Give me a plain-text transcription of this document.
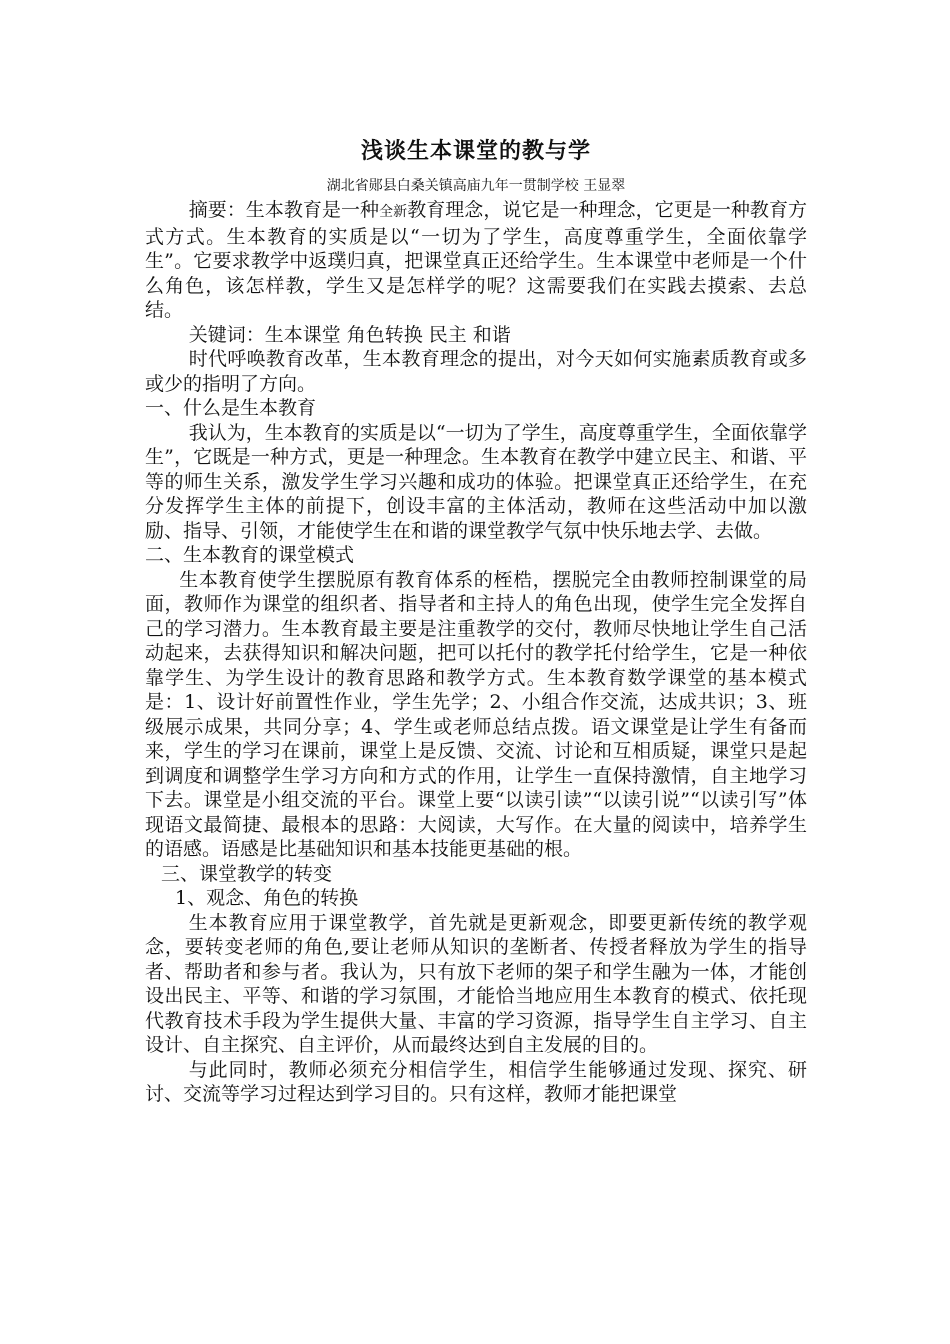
浅谈生本课堂的教与学
湖北省郧县白桑关镇高庙九年一贯制学校 王显翠

摘要：生本教育是一种全新教育理念，说它是一种理念，它更是一种教育方式方式。生本教育的实质是以“一切为了学生，高度尊重学生，全面依靠学生”。它要求教学中返璞归真，把课堂真正还给学生。生本课堂中老师是一个什么角色，该怎样教，学生又是怎样学的呢？这需要我们在实践去摸索、去总结。

关键词：生本课堂 角色转换 民主 和谐

时代呼唤教育改革，生本教育理念的提出，对今天如何实施素质教育或多或少的指明了方向。

一、什么是生本教育

我认为，生本教育的实质是以“一切为了学生，高度尊重学生，全面依靠学生”，它既是一种方式，更是一种理念。生本教育在教学中建立民主、和谐、平等的师生关系，激发学生学习兴趣和成功的体验。把课堂真正还给学生，在充分发挥学生主体的前提下，创设丰富的主体活动，教师在这些活动中加以激励、指导、引领，才能使学生在和谐的课堂教学气氛中快乐地去学、去做。

二、生本教育的课堂模式

生本教育使学生摆脱原有教育体系的桎梏，摆脱完全由教师控制课堂的局面，教师作为课堂的组织者、指导者和主持人的角色出现，使学生完全发挥自己的学习潜力。生本教育最主要是注重教学的交付，教师尽快地让学生自己活动起来，去获得知识和解决问题，把可以托付的教学托付给学生，它是一种依靠学生、为学生设计的教育思路和教学方式。生本教育数学课堂的基本模式是：1、设计好前置性作业，学生先学；2、小组合作交流，达成共识；3、班级展示成果，共同分享；4、学生或老师总结点拨。语文课堂是让学生有备而来，学生的学习在课前，课堂上是反馈、交流、讨论和互相质疑，课堂只是起到调度和调整学生学习方向和方式的作用，让学生一直保持激情，自主地学习下去。课堂是小组交流的平台。课堂上要“以读引读”“以读引说”“以读引写”体现语文最简捷、最根本的思路：大阅读，大写作。在大量的阅读中，培养学生的语感。语感是比基础知识和基本技能更基础的根。

三、课堂教学的转变

1、观念、角色的转换

生本教育应用于课堂教学，首先就是更新观念，即要更新传统的教学观念，要转变老师的角色,要让老师从知识的垄断者、传授者释放为学生的指导者、帮助者和参与者。我认为，只有放下老师的架子和学生融为一体，才能创设出民主、平等、和谐的学习氛围，才能恰当地应用生本教育的模式、依托现代教育技术手段为学生提供大量、丰富的学习资源，指导学生自主学习、自主设计、自主探究、自主评价，从而最终达到自主发展的目的。

与此同时，教师必须充分相信学生，相信学生能够通过发现、探究、研讨、交流等学习过程达到学习目的。只有这样，教师才能把课堂
